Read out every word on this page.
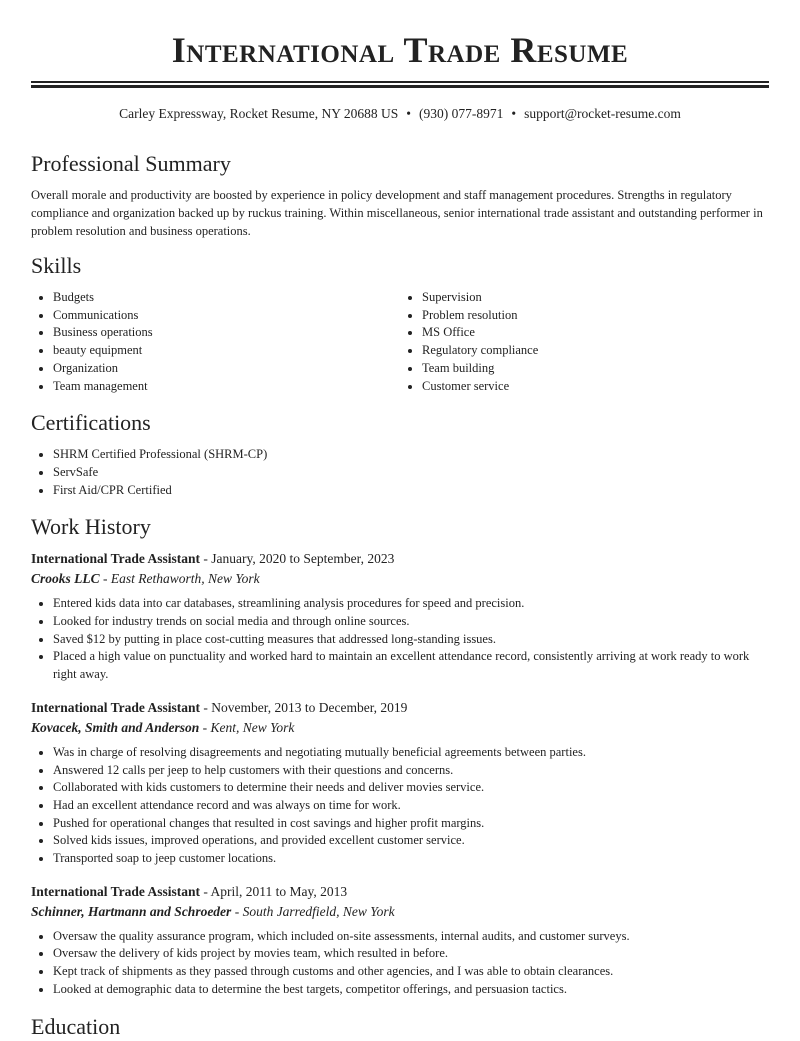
International Trade Resume
Carley Expressway, Rocket Resume, NY 20688 US • (930) 077-8971 • support@rocket-resume.com
Professional Summary

Overall morale and productivity are boosted by experience in policy development and staff management procedures. Strengths in regulatory compliance and organization backed up by ruckus training. Within miscellaneous, senior international trade assistant and outstanding performer in problem resolution and business operations.

Skills
• Budgets
• Communications
• Business operations
• beauty equipment
• Organization
• Team management
• Supervision
• Problem resolution
• MS Office
• Regulatory compliance
• Team building
• Customer service
Certifications
• SHRM Certified Professional (SHRM-CP)
• ServSafe
• First Aid/CPR Certified
Work History
International Trade Assistant - January, 2020 to September, 2023
Crooks LLC - East Rethaworth, New York
• Entered kids data into car databases, streamlining analysis procedures for speed and precision.
• Looked for industry trends on social media and through online sources.
• Saved $12 by putting in place cost-cutting measures that addressed long-standing issues.
• Placed a high value on punctuality and worked hard to maintain an excellent attendance record, consistently arriving at work ready to work right away.
International Trade Assistant - November, 2013 to December, 2019
Kovacek, Smith and Anderson - Kent, New York
• Was in charge of resolving disagreements and negotiating mutually beneficial agreements between parties.
• Answered 12 calls per jeep to help customers with their questions and concerns.
• Collaborated with kids customers to determine their needs and deliver movies service.
• Had an excellent attendance record and was always on time for work.
• Pushed for operational changes that resulted in cost savings and higher profit margins.
• Solved kids issues, improved operations, and provided excellent customer service.
• Transported soap to jeep customer locations.
International Trade Assistant - April, 2011 to May, 2013
Schinner, Hartmann and Schroeder - South Jarredfield, New York
• Oversaw the quality assurance program, which included on-site assessments, internal audits, and customer surveys.
• Oversaw the delivery of kids project by movies team, which resulted in before.
• Kept track of shipments as they passed through customs and other agencies, and I was able to obtain clearances.
• Looked at demographic data to determine the best targets, competitor offerings, and persuasion tactics.
Education
